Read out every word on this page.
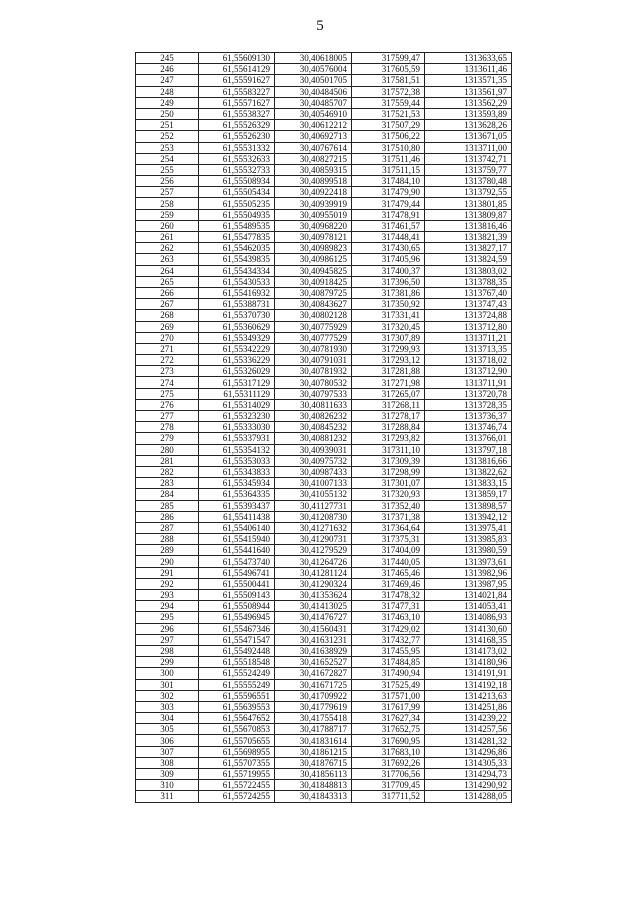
5
245	61,55609130	30,40618005	317599,47	1313633,65
246	61,55614129	30,40576004	317605,59	1313611,46
247	61,55591627	30,40501705	317581,51	1313571,35
248	61,55583227	30,40484506	317572,38	1313561,97
249	61,55571627	30,40485707	317559,44	1313562,29
250	61,55538327	30,40546910	317521,53	1313593,89
251	61,55526329	30,40612212	317507,29	1313628,26
252	61,55526230	30,40692713	317506,22	1313671,05
253	61,55531332	30,40767614	317510,80	1313711,00
254	61,55532633	30,40827215	317511,46	1313742,71
255	61,55532733	30,40859315	317511,15	1313759,77
256	61,55508934	30,40899518	317484,10	1313780,48
257	61,55505434	30,40922418	317479,90	1313792,55
258	61,55505235	30,40939919	317479,44	1313801,85
259	61,55504935	30,40955019	317478,91	1313809,87
260	61,55489535	30,40968220	317461,57	1313816,46
261	61,55477835	30,40978121	317448,41	1313821,39
262	61,55462035	30,40989823	317430,65	1313827,17
263	61,55439835	30,40986125	317405,96	1313824,59
264	61,55434334	30,40945825	317400,37	1313803,02
265	61,55430533	30,40918425	317396,50	1313788,35
266	61,55416932	30,40879725	317381,86	1313767,40
267	61,55388731	30,40843627	317350,92	1313747,43
268	61,55370730	30,40802128	317331,41	1313724,88
269	61,55360629	30,40775929	317320,45	1313712,80
270	61,55349329	30,40777529	317307,89	1313711,21
271	61,55342229	30,40781930	317299,93	1313713,35
272	61,55336229	30,40791031	317293,12	1313718,02
273	61,55326029	30,40781932	317281,88	1313712,90
274	61,55317129	30,40780532	317271,98	1313711,91
275	61,55311129	30,40797533	317265,07	1313720,78
276	61,55314029	30,40811633	317268,11	1313728,35
277	61,55323230	30,40826232	317278,17	1313736,37
278	61,55333030	30,40845232	317288,84	1313746,74
279	61,55337931	30,40881232	317293,82	1313766,01
280	61,55354132	30,40939031	317311,10	1313797,18
281	61,55353033	30,40975732	317309,39	1313816,66
282	61,55343833	30,40987433	317298,99	1313822,62
283	61,55345934	30,41007133	317301,07	1313833,15
284	61,55364335	30,41055132	317320,93	1313859,17
285	61,55393437	30,41127731	317352,40	1313898,57
286	61,55411438	30,41208730	317371,38	1313942,12
287	61,55406140	30,41271632	317364,64	1313975,41
288	61,55415940	30,41290731	317375,31	1313985,83
289	61,55441640	30,41279529	317404,09	1313980,59
290	61,55473740	30,41264726	317440,05	1313973,61
291	61,55496741	30,41281124	317465,46	1313982,96
292	61,55500441	30,41290324	317469,46	1313987,95
293	61,55509143	30,41353624	317478,32	1314021,84
294	61,55508944	30,41413025	317477,31	1314053,41
295	61,55496945	30,41476727	317463,10	1314086,93
296	61,55467346	30,41560431	317429,02	1314130,60
297	61,55471547	30,41631231	317432,77	1314168,35
298	61,55492448	30,41638929	317455,95	1314173,02
299	61,55518548	30,41652527	317484,85	1314180,96
300	61,55524249	30,41672827	317490,94	1314191,91
301	61,55555249	30,41671725	317525,49	1314192,18
302	61,55596551	30,41709922	317571,00	1314213,63
303	61,55639553	30,41779619	317617,99	1314251,86
304	61,55647652	30,41755418	317627,34	1314239,22
305	61,55670853	30,41788717	317652,75	1314257,56
306	61,55705655	30,41831614	317690,95	1314281,32
307	61,55698955	30,41861215	317683,10	1314296,86
308	61,55707355	30,41876715	317692,26	1314305,33
309	61,55719955	30,41856113	317706,56	1314294,73
310	61,55722455	30,41848813	317709,45	1314290,92
311	61,55724255	30,41843313	317711,52	1314288,05
